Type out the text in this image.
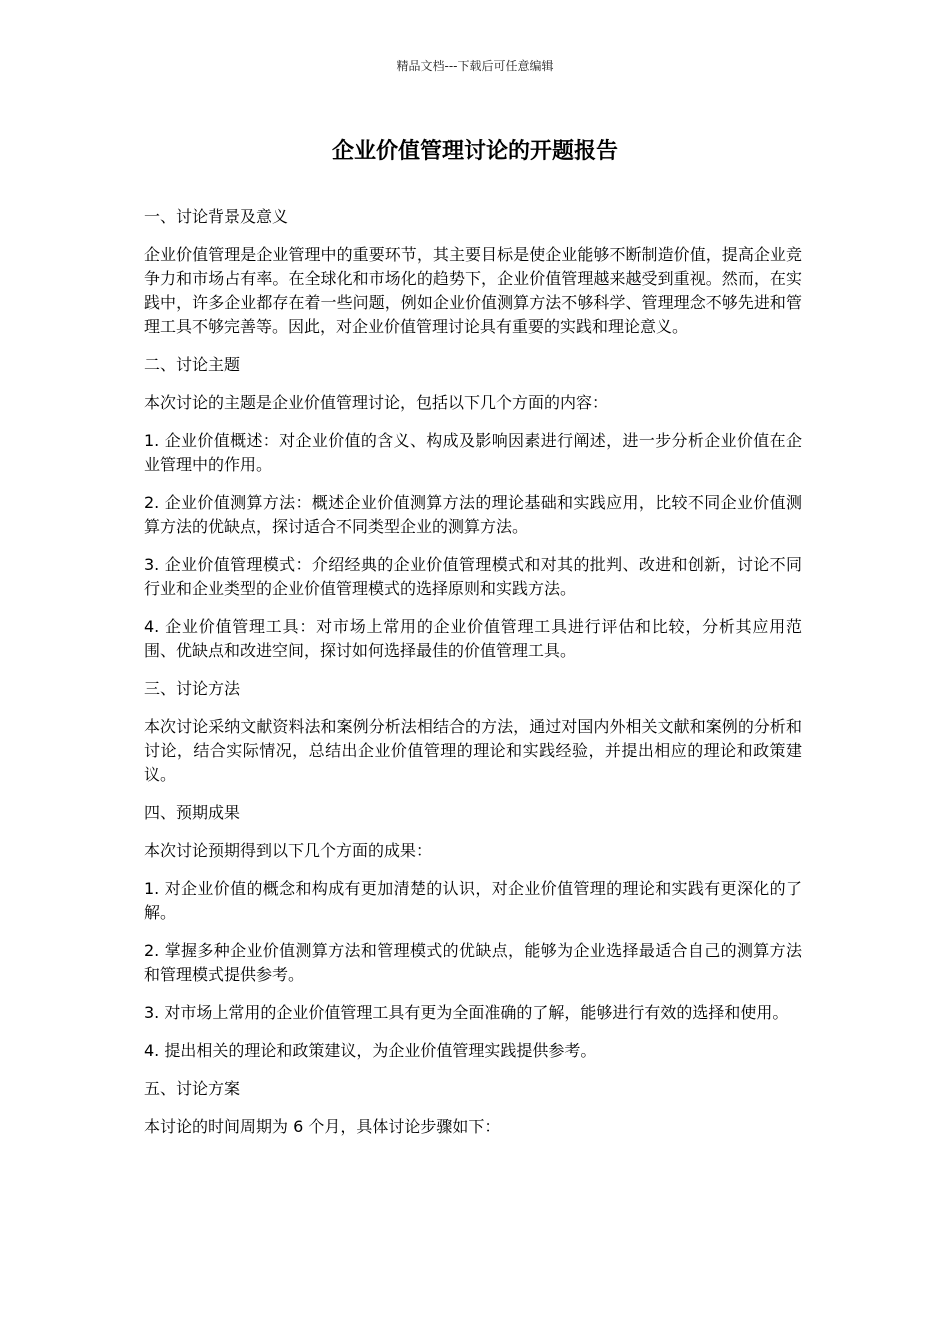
精品文档---下载后可任意编辑
企业价值管理讨论的开题报告

一、讨论背景及意义

企业价值管理是企业管理中的重要环节，其主要目标是使企业能够不断制造价值，提高企业竞争力和市场占有率。在全球化和市场化的趋势下，企业价值管理越来越受到重视。然而，在实践中，许多企业都存在着一些问题，例如企业价值测算方法不够科学、管理理念不够先进和管理工具不够完善等。因此，对企业价值管理讨论具有重要的实践和理论意义。

二、讨论主题

本次讨论的主题是企业价值管理讨论，包括以下几个方面的内容：

1. 企业价值概述：对企业价值的含义、构成及影响因素进行阐述，进一步分析企业价值在企业管理中的作用。

2. 企业价值测算方法：概述企业价值测算方法的理论基础和实践应用，比较不同企业价值测算方法的优缺点，探讨适合不同类型企业的测算方法。

3. 企业价值管理模式：介绍经典的企业价值管理模式和对其的批判、改进和创新，讨论不同行业和企业类型的企业价值管理模式的选择原则和实践方法。

4. 企业价值管理工具：对市场上常用的企业价值管理工具进行评估和比较，分析其应用范围、优缺点和改进空间，探讨如何选择最佳的价值管理工具。

三、讨论方法

本次讨论采纳文献资料法和案例分析法相结合的方法，通过对国内外相关文献和案例的分析和讨论，结合实际情况，总结出企业价值管理的理论和实践经验，并提出相应的理论和政策建议。

四、预期成果

本次讨论预期得到以下几个方面的成果：

1. 对企业价值的概念和构成有更加清楚的认识，对企业价值管理的理论和实践有更深化的了解。

2. 掌握多种企业价值测算方法和管理模式的优缺点，能够为企业选择最适合自己的测算方法和管理模式提供参考。

3. 对市场上常用的企业价值管理工具有更为全面准确的了解，能够进行有效的选择和使用。

4. 提出相关的理论和政策建议，为企业价值管理实践提供参考。

五、讨论方案

本讨论的时间周期为 6 个月，具体讨论步骤如下：
